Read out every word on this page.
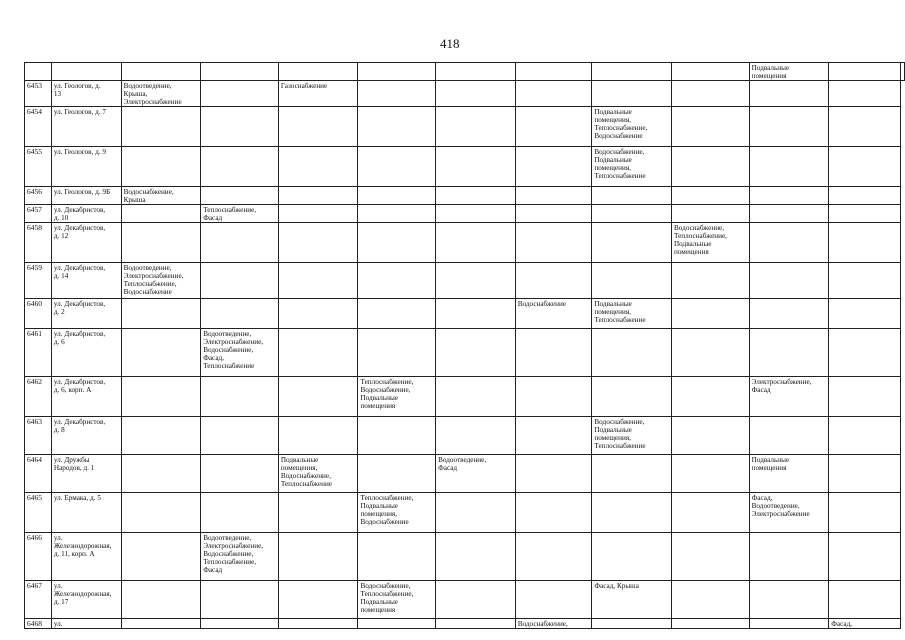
418
										Подвальные
помещения		
6453	ул. Геологов, д.
13	Водоотведение,
Крыша,
Электроснабжение		Газоснабжение								
6454	ул. Геологов, д. 7							Подвальные
помещения,
Теплоснабжение,
Водоснабжение				
6455	ул. Геологов, д. 9							Водоснабжение,
Подвальные
помещения,
Теплоснабжение				
6456	ул. Геологов, д. 9Б	Водоснабжение,
Крыша										
6457	ул. Декабристов,
д. 10		Теплоснабжение,
Фасад									
6458	ул. Декабристов,
д. 12								Водоснабжение,
Теплоснабжение,
Подвальные
помещения			
6459	ул. Декабристов,
д. 14	Водоотведение,
Электроснабжение,
Теплоснабжение,
Водоснабжение										
6460	ул. Декабристов,
д. 2						Водоснабжение	Подвальные
помещения,
Теплоснабжение				
6461	ул. Декабристов,
д. 6		Водоотведение,
Электроснабжение,
Водоснабжение,
Фасад,
Теплоснабжение									
6462	ул. Декабристов,
д. 6, корп. А				Теплоснабжение,
Водоснабжение,
Подвальные
помещения					Электроснабжение,
Фасад		
6463	ул. Декабристов,
д. 8							Водоснабжение,
Подвальные
помещения,
Теплоснабжение				
6464	ул. Дружбы
Народов, д. 1			Подвальные
помещения,
Водоснабжение,
Теплоснабжение		Водоотведение,
Фасад				Подвальные
помещения		
6465	ул. Ермака, д. 5				Теплоснабжение,
Подвальные
помещения,
Водоснабжение					Фасад,
Водоотведение,
Электроснабжение		
6466	ул.
Железнодорожная,
д. 11, корп. А		Водоотведение,
Электроснабжение,
Водоснабжение,
Теплоснабжение,
Фасад									
6467	ул.
Железнодорожная,
д. 17				Водоснабжение,
Теплоснабжение,
Подвальные
помещения			Фасад, Крыша				
6468	ул.						Водоснабжение,				Фасад,	
